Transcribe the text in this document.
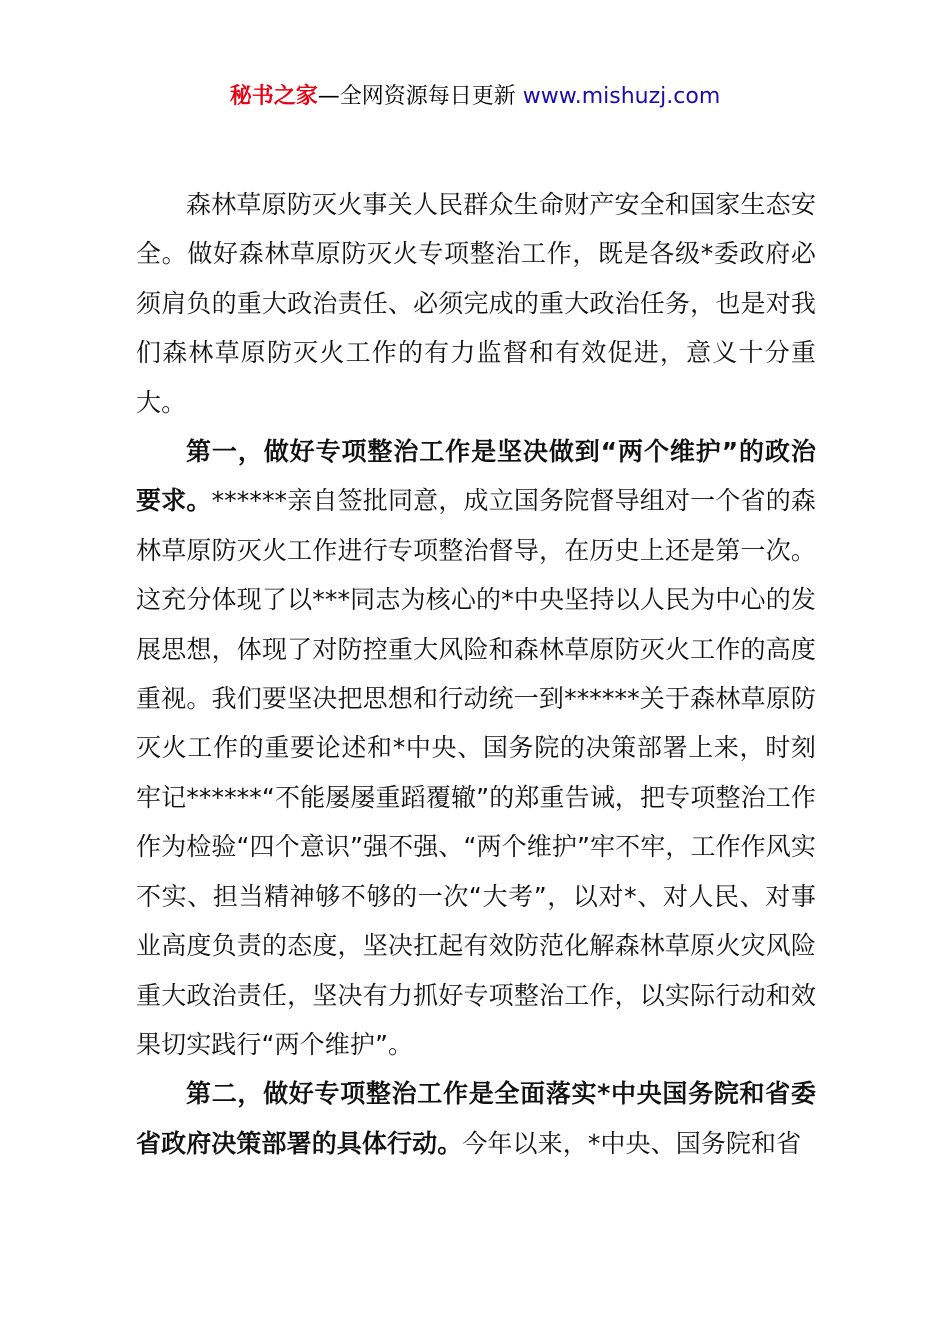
秘书之家—全网资源每日更新 www.mishuzj.com

森林草原防灭火事关人民群众生命财产安全和国家生态安全。做好森林草原防灭火专项整治工作，既是各级*委政府必须肩负的重大政治责任、必须完成的重大政治任务，也是对我们森林草原防灭火工作的有力监督和有效促进，意义十分重大。

第一，做好专项整治工作是坚决做到“两个维护”的政治要求。******亲自签批同意，成立国务院督导组对一个省的森林草原防灭火工作进行专项整治督导，在历史上还是第一次。这充分体现了以***同志为核心的*中央坚持以人民为中心的发展思想，体现了对防控重大风险和森林草原防灭火工作的高度重视。我们要坚决把思想和行动统一到******关于森林草原防灭火工作的重要论述和*中央、国务院的决策部署上来，时刻牢记******“不能屡屡重蹈覆辙”的郑重告诫，把专项整治工作作为检验“四个意识”强不强、“两个维护”牢不牢，工作作风实不实、担当精神够不够的一次“大考”，以对*、对人民、对事业高度负责的态度，坚决扛起有效防范化解森林草原火灾风险重大政治责任，坚决有力抓好专项整治工作，以实际行动和效果切实践行“两个维护”。

第二，做好专项整治工作是全面落实*中央国务院和省委省政府决策部署的具体行动。今年以来，*中央、国务院和省
